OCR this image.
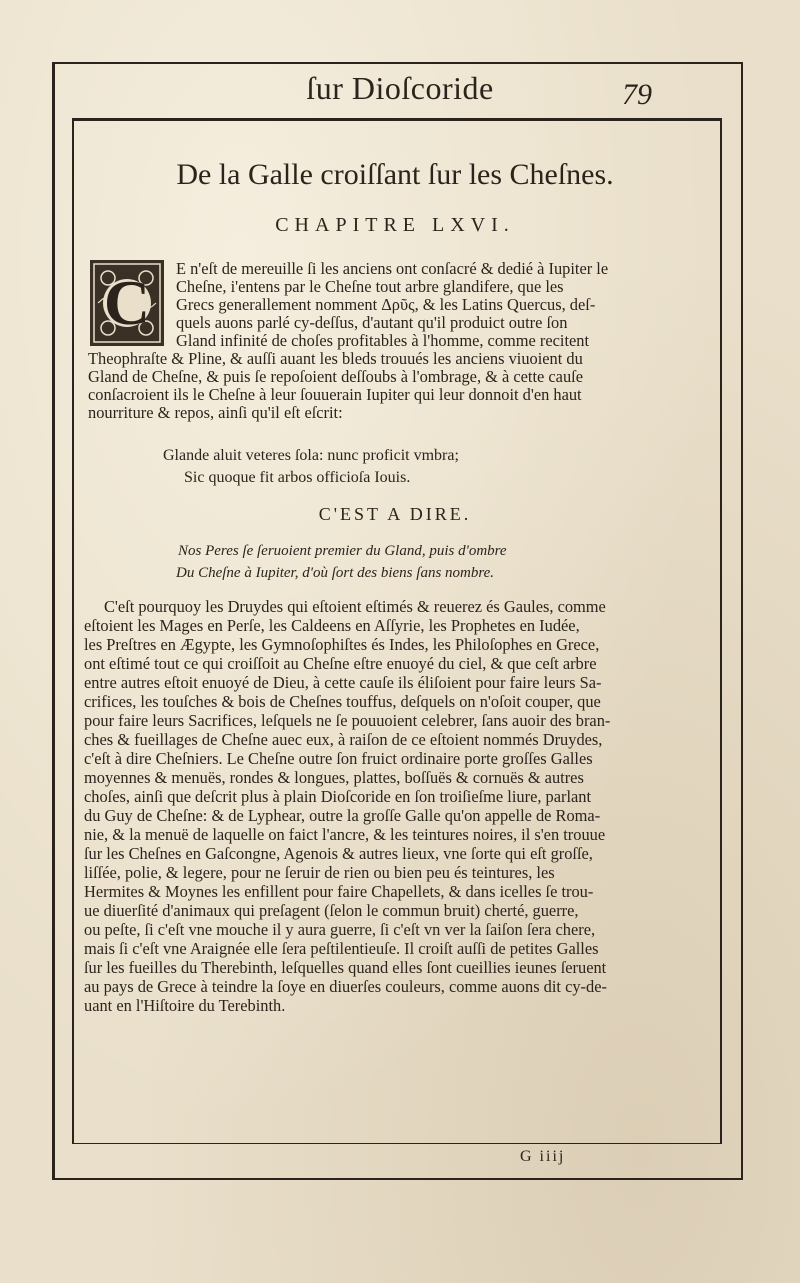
ſur Dioſcoride	79
De la Galle croiſſant ſur les Cheſnes.
CHAPITRE LXVI.
C E n'eſt de mereuille ſi les anciens ont conſacré & dedié à Iupiter le
Cheſne, i'entens par le Cheſne tout arbre glandifere, que les
Grecs generallement nomment Δρῦς, & les Latins Quercus, deſ-
quels auons parlé cy-deſſus, d'autant qu'il produict outre ſon
Gland infinité de choſes profitables à l'homme, comme recitent
Theophraſte & Pline, & auſſi auant les bleds trouués les anciens viuoient du
Gland de Cheſne, & puis ſe repoſoient deſſoubs à l'ombrage, & à cette cauſe
conſacroient ils le Cheſne à leur ſouuerain Iupiter qui leur donnoit d'en haut
nourriture & repos, ainſi qu'il eſt eſcrit:
Glande aluit veteres ſola: nunc proficit vmbra;
Sic quoque fit arbos officioſa Iouis.
C'EST A DIRE.
Nos Peres ſe ſeruoient premier du Gland, puis d'ombre
Du Cheſne à Iupiter, d'où ſort des biens ſans nombre.
C'eſt pourquoy les Druydes qui eſtoient eſtimés & reuerez és Gaules, comme
eſtoient les Mages en Perſe, les Caldeens en Aſſyrie, les Prophetes en Iudée,
les Preſtres en Ægypte, les Gymnoſophiſtes és Indes, les Philoſophes en Grece,
ont eſtimé tout ce qui croiſſoit au Cheſne eſtre enuoyé du ciel, & que ceſt arbre
entre autres eſtoit enuoyé de Dieu, à cette cauſe ils éliſoient pour faire leurs Sa-
crifices, les touſches & bois de Cheſnes touffus, deſquels on n'oſoit couper, que
pour faire leurs Sacrifices, leſquels ne ſe pouuoient celebrer, ſans auoir des bran-
ches & fueillages de Cheſne auec eux, à raiſon de ce eſtoient nommés Druydes,
c'eſt à dire Cheſniers. Le Cheſne outre ſon fruict ordinaire porte groſſes Galles
moyennes & menuës, rondes & longues, plattes, boſſuës & cornuës & autres
choſes, ainſi que deſcrit plus à plain Dioſcoride en ſon troiſieſme liure, parlant
du Guy de Cheſne: & de Lyphear, outre la groſſe Galle qu'on appelle de Roma-
nie, & la menuë de laquelle on faict l'ancre, & les teintures noires, il s'en trouue
ſur les Cheſnes en Gaſcongne, Agenois & autres lieux, vne ſorte qui eſt groſſe,
liſſée, polie, & legere, pour ne ſeruir de rien ou bien peu és teintures, les
Hermites & Moynes les enfillent pour faire Chapellets, & dans icelles ſe trou-
ue diuerſité d'animaux qui preſagent (ſelon le commun bruit) cherté, guerre,
ou peſte, ſi c'eſt vne mouche il y aura guerre, ſi c'eſt vn ver la ſaiſon ſera chere,
mais ſi c'eſt vne Araignée elle ſera peſtilentieuſe. Il croiſt auſſi de petites Galles
ſur les fueilles du Therebinth, leſquelles quand elles ſont cueillies ieunes ſeruent
au pays de Grece à teindre la ſoye en diuerſes couleurs, comme auons dit cy-de-
uant en l'Hiſtoire du Terebinth.
G iiij
